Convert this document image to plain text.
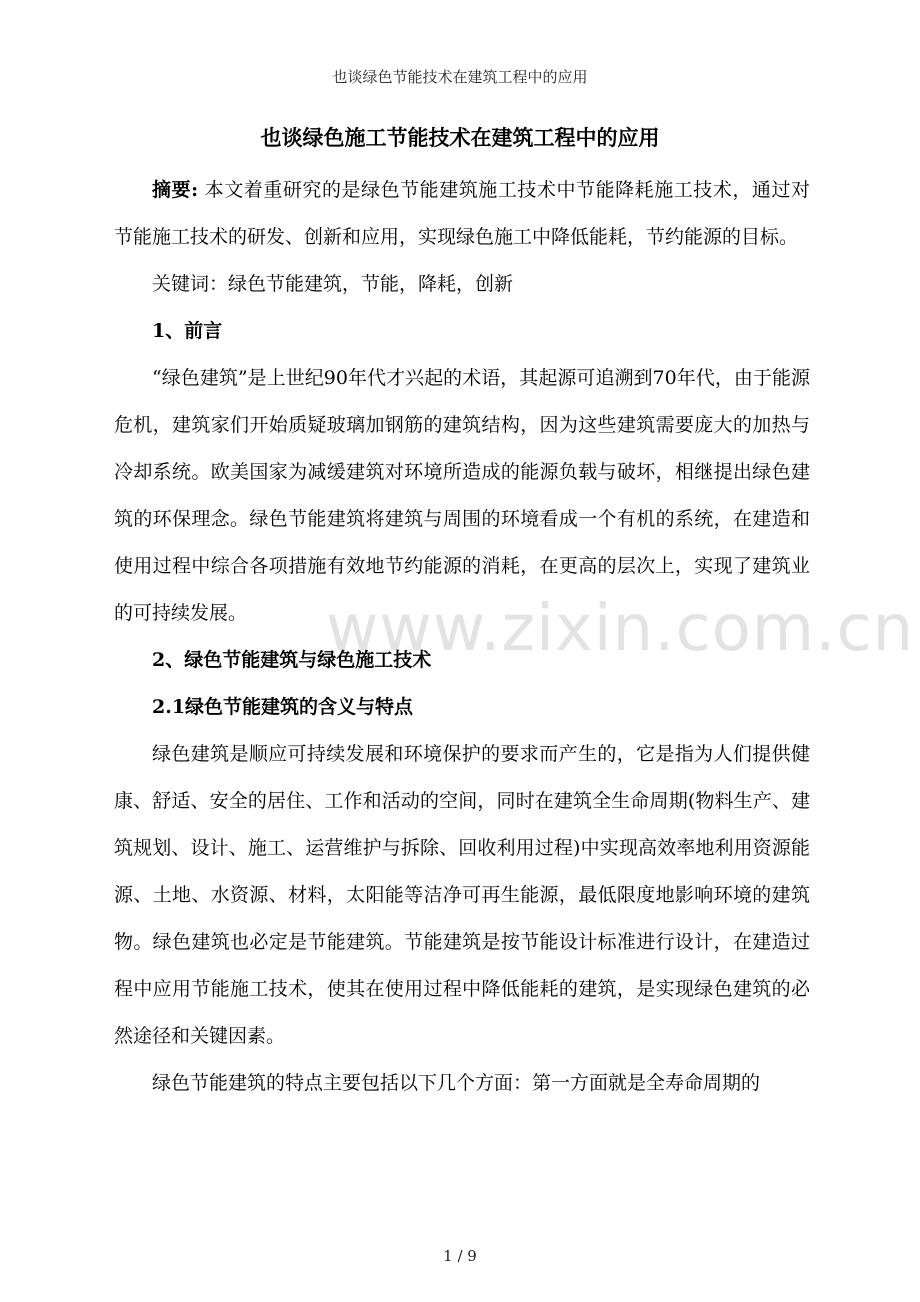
也谈绿色节能技术在建筑工程中的应用
www.zixin.com.cn
也谈绿色施工节能技术在建筑工程中的应用

摘要: 本文着重研究的是绿色节能建筑施工技术中节能降耗施工技术，通过对节能施工技术的研发、创新和应用，实现绿色施工中降低能耗，节约能源的目标。

关键词：绿色节能建筑，节能，降耗，创新

1、前言

“绿色建筑”是上世纪90年代才兴起的术语，其起源可追溯到70年代，由于能源危机，建筑家们开始质疑玻璃加钢筋的建筑结构，因为这些建筑需要庞大的加热与冷却系统。欧美国家为减缓建筑对环境所造成的能源负载与破坏，相继提出绿色建筑的环保理念。绿色节能建筑将建筑与周围的环境看成一个有机的系统，在建造和使用过程中综合各项措施有效地节约能源的消耗，在更高的层次上，实现了建筑业的可持续发展。

2、绿色节能建筑与绿色施工技术

2.1绿色节能建筑的含义与特点

绿色建筑是顺应可持续发展和环境保护的要求而产生的，它是指为人们提供健康、舒适、安全的居住、工作和活动的空间，同时在建筑全生命周期(物料生产、建筑规划、设计、施工、运营维护与拆除、回收利用过程)中实现高效率地利用资源能源、土地、水资源、材料，太阳能等洁净可再生能源，最低限度地影响环境的建筑物。绿色建筑也必定是节能建筑。节能建筑是按节能设计标准进行设计，在建造过程中应用节能施工技术，使其在使用过程中降低能耗的建筑，是实现绿色建筑的必然途径和关键因素。

绿色节能建筑的特点主要包括以下几个方面：第一方面就是全寿命周期的

1 / 9
